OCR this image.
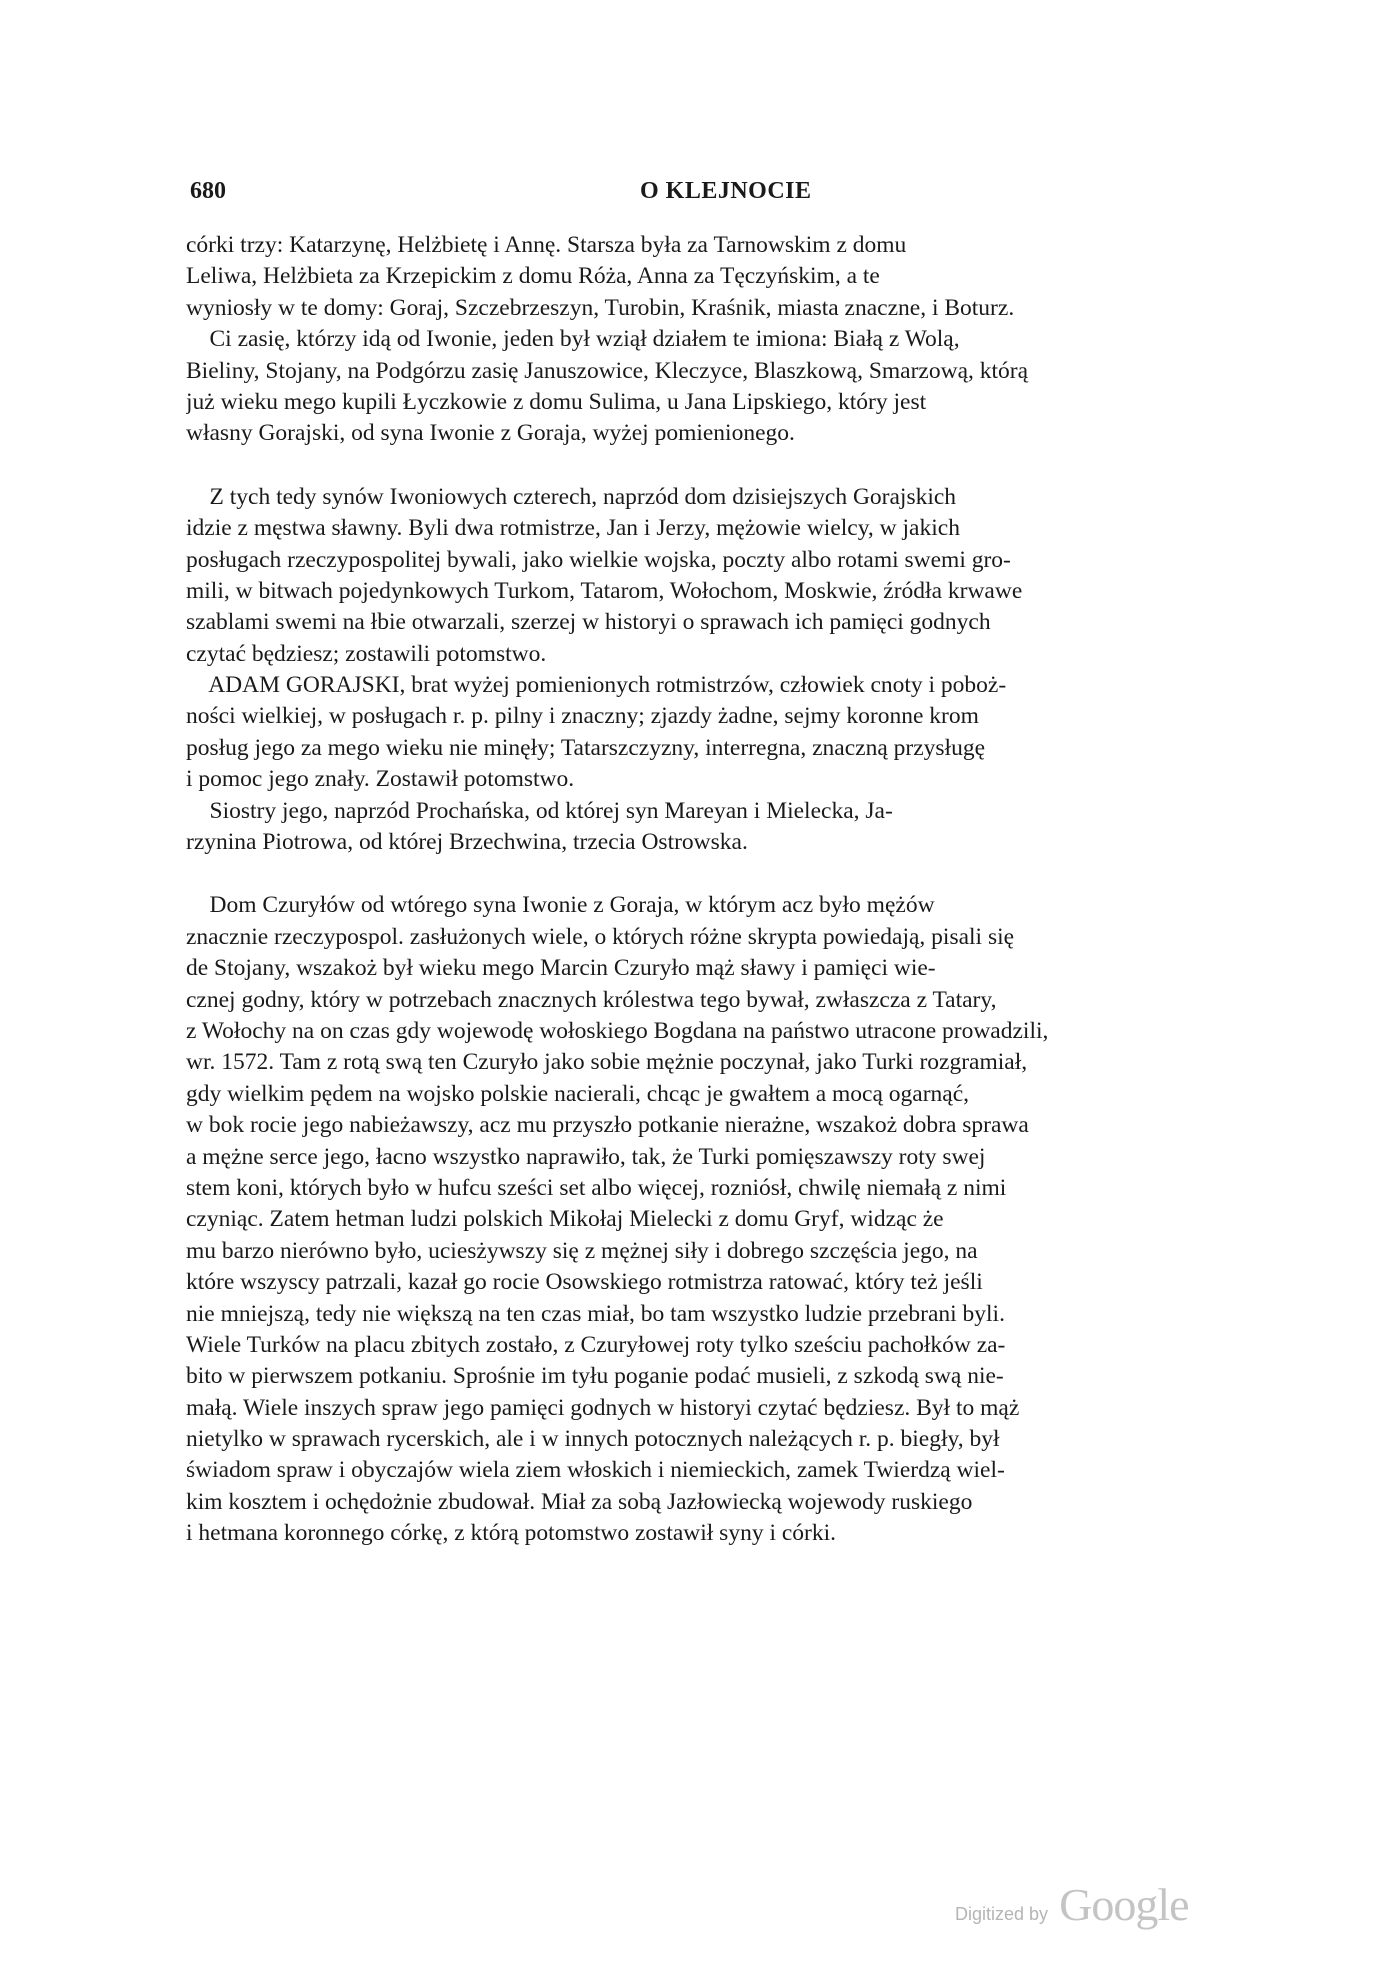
680	O KLEJNOCIE
córki trzy: Katarzynę, Helżbietę i Annę. Starsza była za Tarnowskim z domu
Leliwa, Helżbieta za Krzepickim z domu Róża, Anna za Tęczyńskim, a te
wyniosły w te domy: Goraj, Szczebrzeszyn, Turobin, Kraśnik, miasta znaczne, i Boturz.
Ci zasię, którzy idą od Iwonie, jeden był wziął działem te imiona: Białą z Wolą,
Bieliny, Stojany, na Podgórzu zasię Januszowice, Kleczyce, Blaszkową, Smarzową, którą
już wieku mego kupili Łyczkowie z domu Sulima, u Jana Lipskiego, który jest
własny Gorajski, od syna Iwonie z Goraja, wyżej pomienionego.
Z tych tedy synów Iwoniowych czterech, naprzód dom dzisiejszych Gorajskich
idzie z męstwa sławny. Byli dwa rotmistrze, Jan i Jerzy, mężowie wielcy, w jakich
posługach rzeczypospolitej bywali, jako wielkie wojska, poczty albo rotami swemi gro-
mili, w bitwach pojedynkowych Turkom, Tatarom, Wołochom, Moskwie, źródła krwawe
szablami swemi na łbie otwarzali, szerzej w historyi o sprawach ich pamięci godnych
czytać będziesz; zostawili potomstwo.
ADAM GORAJSKI, brat wyżej pomienionych rotmistrzów, człowiek cnoty i poboż-
ności wielkiej, w posługach r. p. pilny i znaczny; zjazdy żadne, sejmy koronne krom
posług jego za mego wieku nie minęły; Tatarszczyzny, interregna, znaczną przysługę
i pomoc jego znały. Zostawił potomstwo.
Siostry jego, naprzód Prochańska, od której syn Mareyan i Mielecka, Ja-
rzynina Piotrowa, od której Brzechwina, trzecia Ostrowska.
Dom Czuryłów od wtórego syna Iwonie z Goraja, w którym acz było mężów
znacznie rzeczypospol. zasłużonych wiele, o których różne skrypta powiedają, pisali się
de Stojany, wszakoż był wieku mego Marcin Czuryło mąż sławy i pamięci wie-
cznej godny, który w potrzebach znacznych królestwa tego bywał, zwłaszcza z Tatary,
z Wołochy na on czas gdy wojewodę wołoskiego Bogdana na państwo utracone prowadzili,
wr. 1572. Tam z rotą swą ten Czuryło jako sobie mężnie poczynał, jako Turki rozgramiał,
gdy wielkim pędem na wojsko polskie nacierali, chcąc je gwałtem a mocą ogarnąć,
w bok rocie jego nabieżawszy, acz mu przyszło potkanie nierażne, wszakoż dobra sprawa
a mężne serce jego, łacno wszystko naprawiło, tak, że Turki pomięszawszy roty swej
stem koni, których było w hufcu sześci set albo więcej, rozniósł, chwilę niemałą z nimi
czyniąc. Zatem hetman ludzi polskich Mikołaj Mielecki z domu Gryf, widząc że
mu barzo nierówno było, uciesżywszy się z mężnej siły i dobrego szczęścia jego, na
które wszyscy patrzali, kazał go rocie Osowskiego rotmistrza ratować, który też jeśli
nie mniejszą, tedy nie większą na ten czas miał, bo tam wszystko ludzie przebrani byli.
Wiele Turków na placu zbitych zostało, z Czuryłowej roty tylko sześciu pachołków za-
bito w pierwszem potkaniu. Sprośnie im tyłu poganie podać musieli, z szkodą swą nie-
małą. Wiele inszych spraw jego pamięci godnych w historyi czytać będziesz. Był to mąż
nietylko w sprawach rycerskich, ale i w innych potocznych należących r. p. biegły, był
świadom spraw i obyczajów wiela ziem włoskich i niemieckich, zamek Twierdzą wiel-
kim kosztem i ochędożnie zbudował. Miał za sobą Jazłowiecką wojewody ruskiego
i hetmana koronnego córkę, z którą potomstwo zostawił syny i córki.
Digitized by Google
